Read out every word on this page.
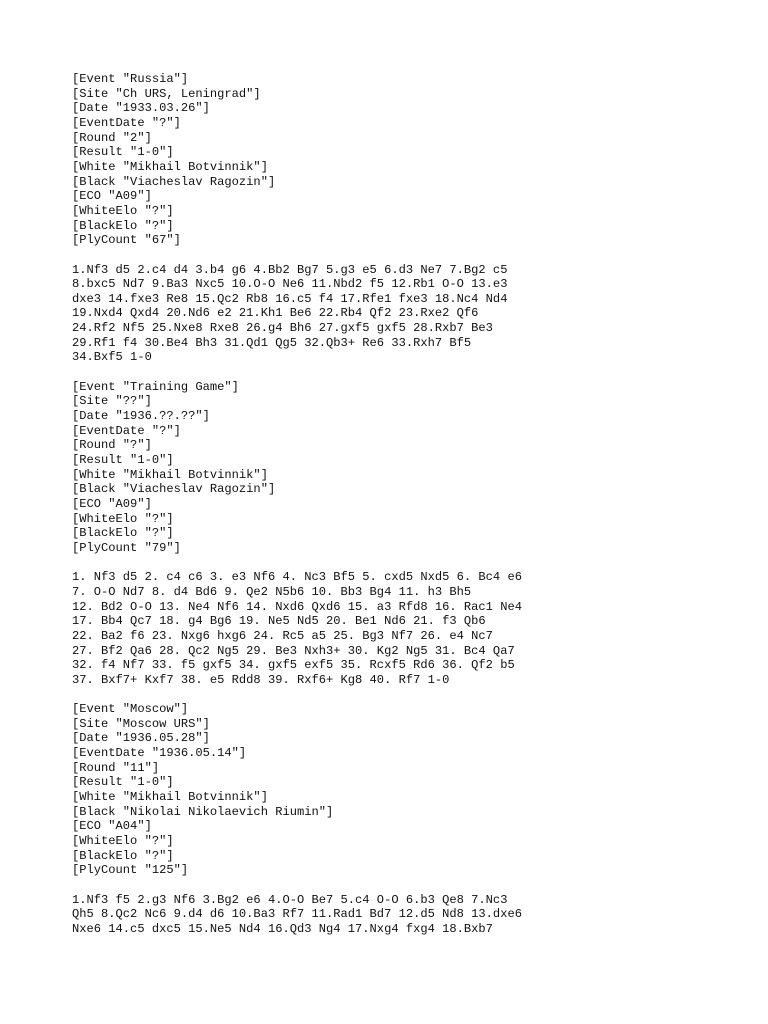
[Event "Russia"]
[Site "Ch URS, Leningrad"]
[Date "1933.03.26"]
[EventDate "?"]
[Round "2"]
[Result "1-0"]
[White "Mikhail Botvinnik"]
[Black "Viacheslav Ragozin"]
[ECO "A09"]
[WhiteElo "?"]
[BlackElo "?"]
[PlyCount "67"]
1.Nf3 d5 2.c4 d4 3.b4 g6 4.Bb2 Bg7 5.g3 e5 6.d3 Ne7 7.Bg2 c5
8.bxc5 Nd7 9.Ba3 Nxc5 10.O-O Ne6 11.Nbd2 f5 12.Rb1 O-O 13.e3
dxe3 14.fxe3 Re8 15.Qc2 Rb8 16.c5 f4 17.Rfe1 fxe3 18.Nc4 Nd4
19.Nxd4 Qxd4 20.Nd6 e2 21.Kh1 Be6 22.Rb4 Qf2 23.Rxe2 Qf6
24.Rf2 Nf5 25.Nxe8 Rxe8 26.g4 Bh6 27.gxf5 gxf5 28.Rxb7 Be3
29.Rf1 f4 30.Be4 Bh3 31.Qd1 Qg5 32.Qb3+ Re6 33.Rxh7 Bf5
34.Bxf5 1-0
[Event "Training Game"]
[Site "??"]
[Date "1936.??.??"]
[EventDate "?"]
[Round "?"]
[Result "1-0"]
[White "Mikhail Botvinnik"]
[Black "Viacheslav Ragozin"]
[ECO "A09"]
[WhiteElo "?"]
[BlackElo "?"]
[PlyCount "79"]
1. Nf3 d5 2. c4 c6 3. e3 Nf6 4. Nc3 Bf5 5. cxd5 Nxd5 6. Bc4 e6
7. O-O Nd7 8. d4 Bd6 9. Qe2 N5b6 10. Bb3 Bg4 11. h3 Bh5
12. Bd2 O-O 13. Ne4 Nf6 14. Nxd6 Qxd6 15. a3 Rfd8 16. Rac1 Ne4
17. Bb4 Qc7 18. g4 Bg6 19. Ne5 Nd5 20. Be1 Nd6 21. f3 Qb6
22. Ba2 f6 23. Nxg6 hxg6 24. Rc5 a5 25. Bg3 Nf7 26. e4 Nc7
27. Bf2 Qa6 28. Qc2 Ng5 29. Be3 Nxh3+ 30. Kg2 Ng5 31. Bc4 Qa7
32. f4 Nf7 33. f5 gxf5 34. gxf5 exf5 35. Rcxf5 Rd6 36. Qf2 b5
37. Bxf7+ Kxf7 38. e5 Rdd8 39. Rxf6+ Kg8 40. Rf7 1-0
[Event "Moscow"]
[Site "Moscow URS"]
[Date "1936.05.28"]
[EventDate "1936.05.14"]
[Round "11"]
[Result "1-0"]
[White "Mikhail Botvinnik"]
[Black "Nikolai Nikolaevich Riumin"]
[ECO "A04"]
[WhiteElo "?"]
[BlackElo "?"]
[PlyCount "125"]
1.Nf3 f5 2.g3 Nf6 3.Bg2 e6 4.O-O Be7 5.c4 O-O 6.b3 Qe8 7.Nc3
Qh5 8.Qc2 Nc6 9.d4 d6 10.Ba3 Rf7 11.Rad1 Bd7 12.d5 Nd8 13.dxe6
Nxe6 14.c5 dxc5 15.Ne5 Nd4 16.Qd3 Ng4 17.Nxg4 fxg4 18.Bxb7
